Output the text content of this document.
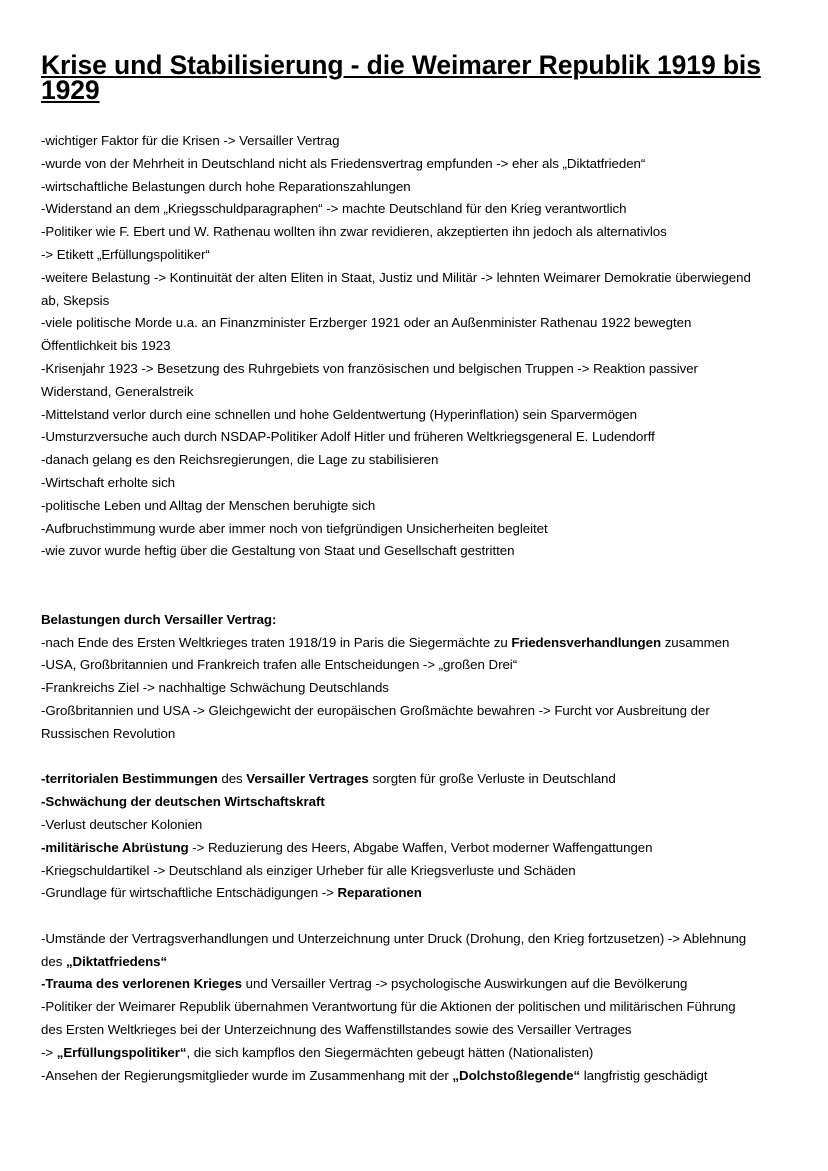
Krise und Stabilisierung - die Weimarer Republik 1919 bis
1929
-wichtiger Faktor für die Krisen -> Versailler Vertrag
-wurde von der Mehrheit in Deutschland nicht als Friedensvertrag empfunden -> eher als „Diktatfrieden“
-wirtschaftliche Belastungen durch hohe Reparationszahlungen
-Widerstand an dem „Kriegsschuldparagraphen“ -> machte Deutschland für den Krieg verantwortlich
-Politiker wie F. Ebert und W. Rathenau wollten ihn zwar revidieren, akzeptierten ihn jedoch als alternativlos
-> Etikett „Erfüllungspolitiker“
-weitere Belastung -> Kontinuität der alten Eliten in Staat, Justiz und Militär -> lehnten Weimarer Demokratie überwiegend
ab, Skepsis
-viele politische Morde u.a. an Finanzminister Erzberger 1921 oder an Außenminister Rathenau 1922 bewegten
Öffentlichkeit bis 1923
-Krisenjahr 1923 -> Besetzung des Ruhrgebiets von französischen und belgischen Truppen -> Reaktion passiver
Widerstand, Generalstreik
-Mittelstand verlor durch eine schnellen und hohe Geldentwertung (Hyperinflation) sein Sparvermögen
-Umsturzversuche auch durch NSDAP-Politiker Adolf Hitler und früheren Weltkriegsgeneral E. Ludendorff
-danach gelang es den Reichsregierungen, die Lage zu stabilisieren
-Wirtschaft erholte sich
-politische Leben und Alltag der Menschen beruhigte sich
-Aufbruchstimmung wurde aber immer noch von tiefgründigen Unsicherheiten begleitet
-wie zuvor wurde heftig über die Gestaltung von Staat und Gesellschaft gestritten
Belastungen durch Versailler Vertrag:
-nach Ende des Ersten Weltkrieges traten 1918/19 in Paris die Siegermächte zu Friedensverhandlungen zusammen
-USA, Großbritannien und Frankreich trafen alle Entscheidungen -> „großen Drei“
-Frankreichs Ziel -> nachhaltige Schwächung Deutschlands
-Großbritannien und USA -> Gleichgewicht der europäischen Großmächte bewahren -> Furcht vor Ausbreitung der
Russischen Revolution
-territorialen Bestimmungen des Versailler Vertrages sorgten für große Verluste in Deutschland
-Schwächung der deutschen Wirtschaftskraft
-Verlust deutscher Kolonien
-militärische Abrüstung -> Reduzierung des Heers, Abgabe Waffen, Verbot moderner Waffengattungen
-Kriegschuldartikel -> Deutschland als einziger Urheber für alle Kriegsverluste und Schäden
-Grundlage für wirtschaftliche Entschädigungen -> Reparationen
-Umstände der Vertragsverhandlungen und Unterzeichnung unter Druck (Drohung, den Krieg fortzusetzen) -> Ablehnung
des „Diktatfriedens“
-Trauma des verlorenen Krieges und Versailler Vertrag -> psychologische Auswirkungen auf die Bevölkerung
-Politiker der Weimarer Republik übernahmen Verantwortung für die Aktionen der politischen und militärischen Führung
des Ersten Weltkrieges bei der Unterzeichnung des Waffenstillstandes sowie des Versailler Vertrages
-> „Erfüllungspolitiker“, die sich kampflos den Siegermächten gebeugt hätten (Nationalisten)
-Ansehen der Regierungsmitglieder wurde im Zusammenhang mit der „Dolchstoßlegende“ langfristig geschädigt
